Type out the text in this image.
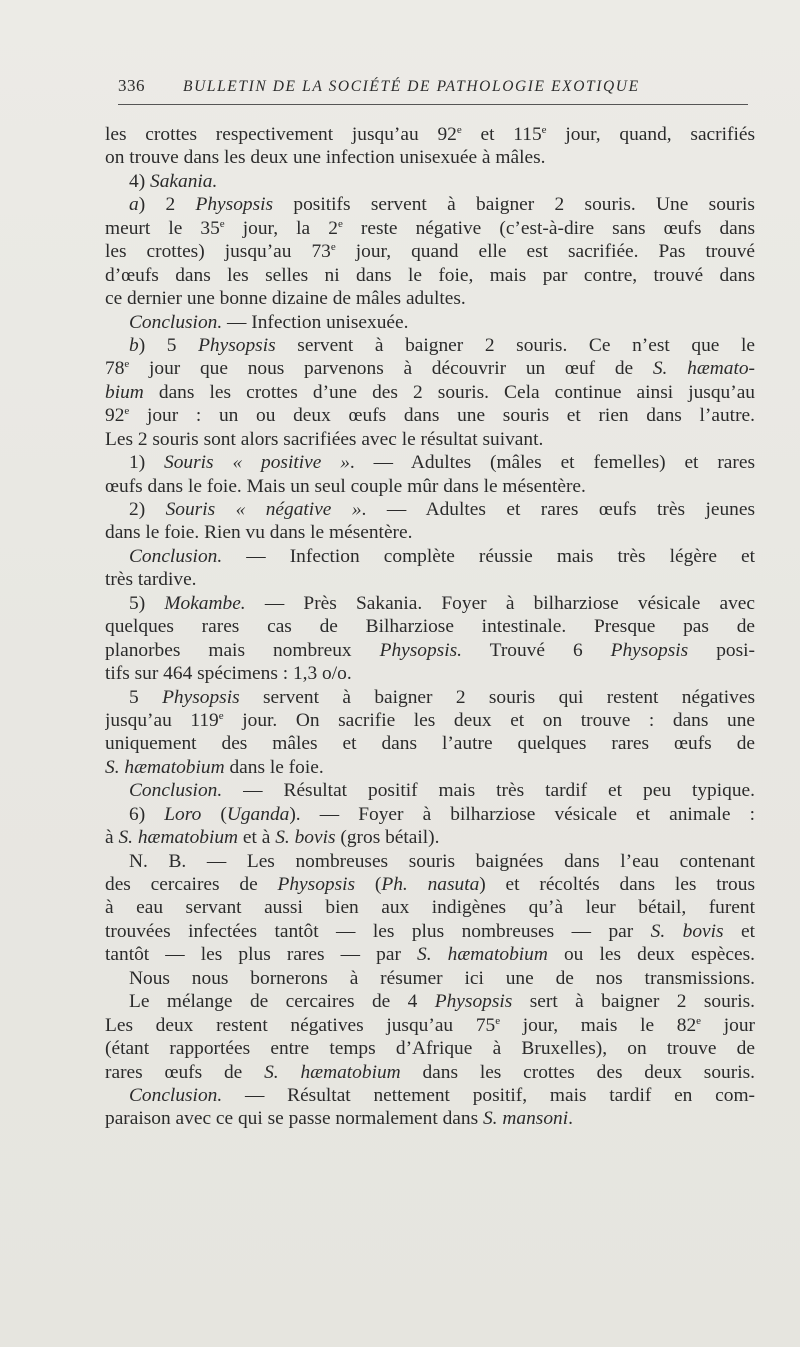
336 BULLETIN DE LA SOCIÉTÉ DE PATHOLOGIE EXOTIQUE
les crottes respectivement jusqu’au 92e et 115e jour, quand, sacrifiés
on trouve dans les deux une infection unisexuée à mâles.
4) Sakania.
a) 2 Physopsis positifs servent à baigner 2 souris. Une souris
meurt le 35e jour, la 2e reste négative (c’est-à-dire sans œufs dans
les crottes) jusqu’au 73e jour, quand elle est sacrifiée. Pas trouvé
d’œufs dans les selles ni dans le foie, mais par contre, trouvé dans
ce dernier une bonne dizaine de mâles adultes.
Conclusion. — Infection unisexuée.
b) 5 Physopsis servent à baigner 2 souris. Ce n’est que le
78e jour que nous parvenons à découvrir un œuf de S. hæmato-
bium dans les crottes d’une des 2 souris. Cela continue ainsi jusqu’au
92e jour : un ou deux œufs dans une souris et rien dans l’autre.
Les 2 souris sont alors sacrifiées avec le résultat suivant.
1) Souris « positive ». — Adultes (mâles et femelles) et rares
œufs dans le foie. Mais un seul couple mûr dans le mésentère.
2) Souris « négative ». — Adultes et rares œufs très jeunes
dans le foie. Rien vu dans le mésentère.
Conclusion. — Infection complète réussie mais très légère et
très tardive.
5) Mokambe. — Près Sakania. Foyer à bilharziose vésicale avec
quelques rares cas de Bilharziose intestinale. Presque pas de
planorbes mais nombreux Physopsis. Trouvé 6 Physopsis posi-
tifs sur 464 spécimens : 1,3 o/o.
5 Physopsis servent à baigner 2 souris qui restent négatives
jusqu’au 119e jour. On sacrifie les deux et on trouve : dans une
uniquement des mâles et dans l’autre quelques rares œufs de
S. hæmatobium dans le foie.
Conclusion. — Résultat positif mais très tardif et peu typique.
6) Loro (Uganda). — Foyer à bilharziose vésicale et animale :
à S. hæmatobium et à S. bovis (gros bétail).
N. B. — Les nombreuses souris baignées dans l’eau contenant
des cercaires de Physopsis (Ph. nasuta) et récoltés dans les trous
à eau servant aussi bien aux indigènes qu’à leur bétail, furent
trouvées infectées tantôt — les plus nombreuses — par S. bovis et
tantôt — les plus rares — par S. hæmatobium ou les deux espèces.
Nous nous bornerons à résumer ici une de nos transmissions.
Le mélange de cercaires de 4 Physopsis sert à baigner 2 souris.
Les deux restent négatives jusqu’au 75e jour, mais le 82e jour
(étant rapportées entre temps d’Afrique à Bruxelles), on trouve de
rares œufs de S. hæmatobium dans les crottes des deux souris.
Conclusion. — Résultat nettement positif, mais tardif en com-
paraison avec ce qui se passe normalement dans S. mansoni.
